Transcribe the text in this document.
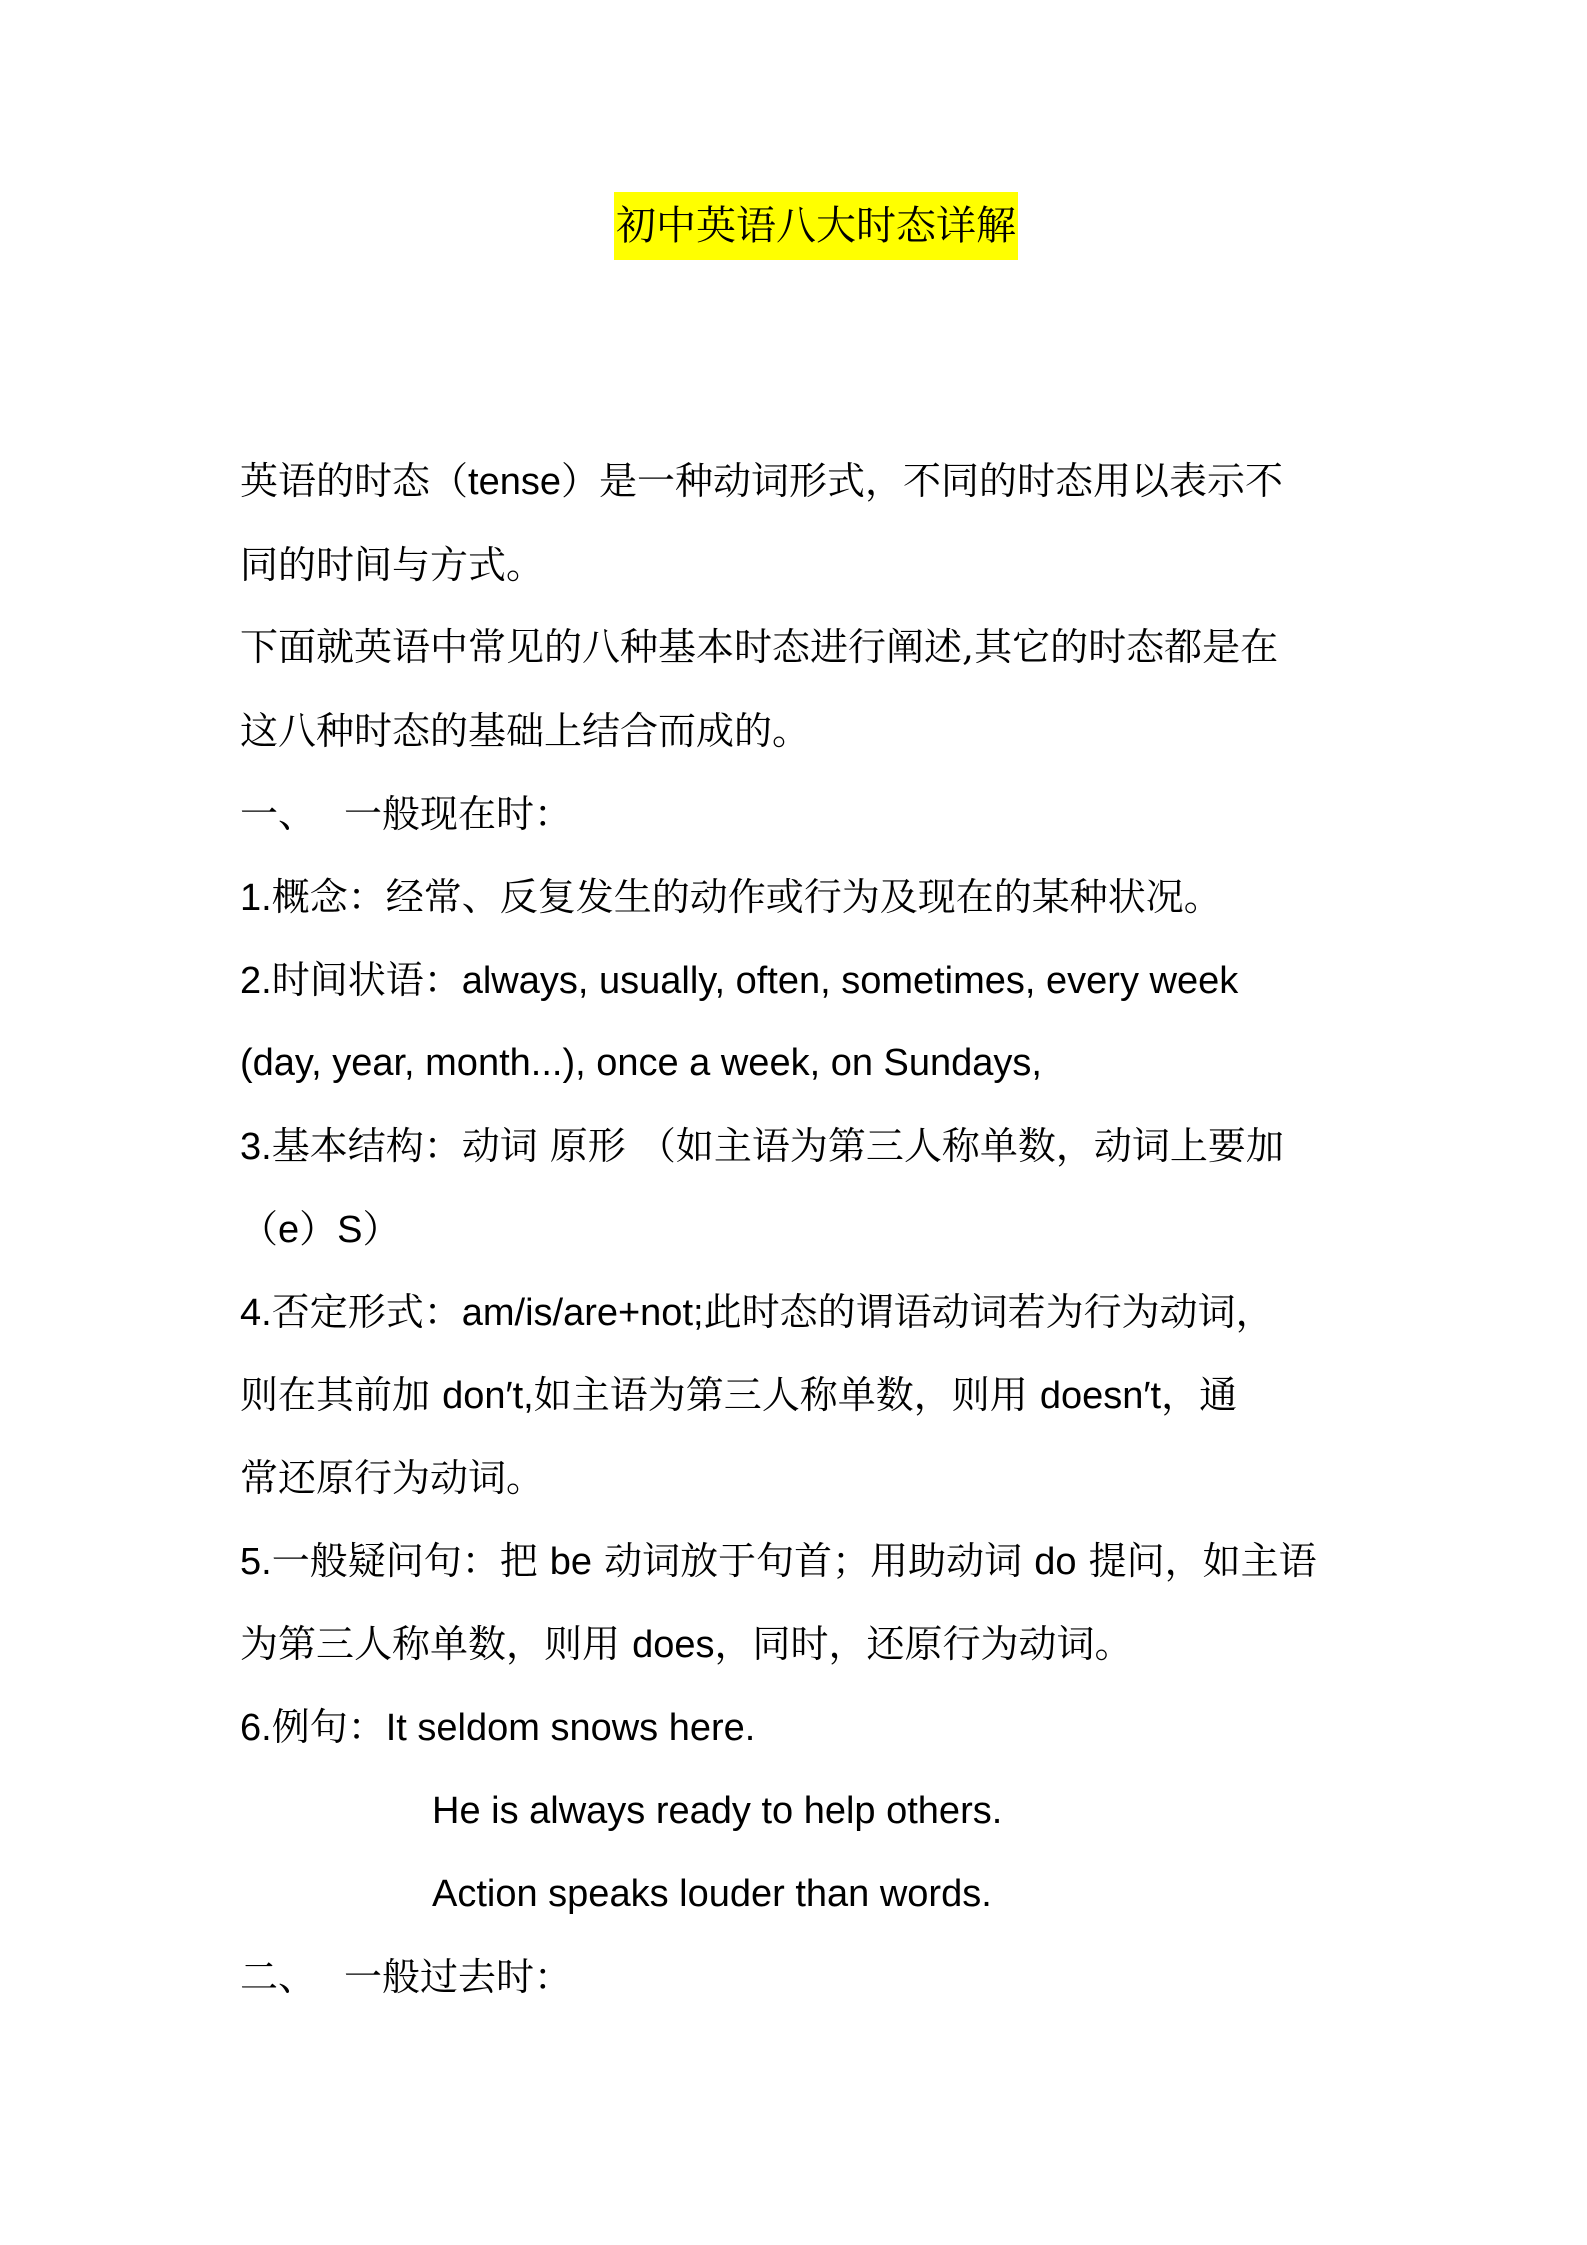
初中英语八大时态详解
英语的时态（tense）是一种动词形式，不同的时态用以表示不
同的时间与方式。
下面就英语中常见的八种基本时态进行阐述,其它的时态都是在
这八种时态的基础上结合而成的。
一、 一般现在时：
1.概念：经常、反复发生的动作或行为及现在的某种状况。
2.时间状语：always, usually, often, sometimes, every week
(day, year, month...), once a week, on Sundays,
3.基本结构：动词 原形 （如主语为第三人称单数，动词上要加
（e）S）
4.否定形式：am/is/are+not;此时态的谓语动词若为行为动词，
则在其前加 don′t,如主语为第三人称单数，则用 doesn′t，通
常还原行为动词。
5.一般疑问句：把 be 动词放于句首；用助动词 do 提问，如主语
为第三人称单数，则用 does，同时，还原行为动词。
6.例句：It seldom snows here.
He is always ready to help others.
Action speaks louder than words.
二、 一般过去时：
